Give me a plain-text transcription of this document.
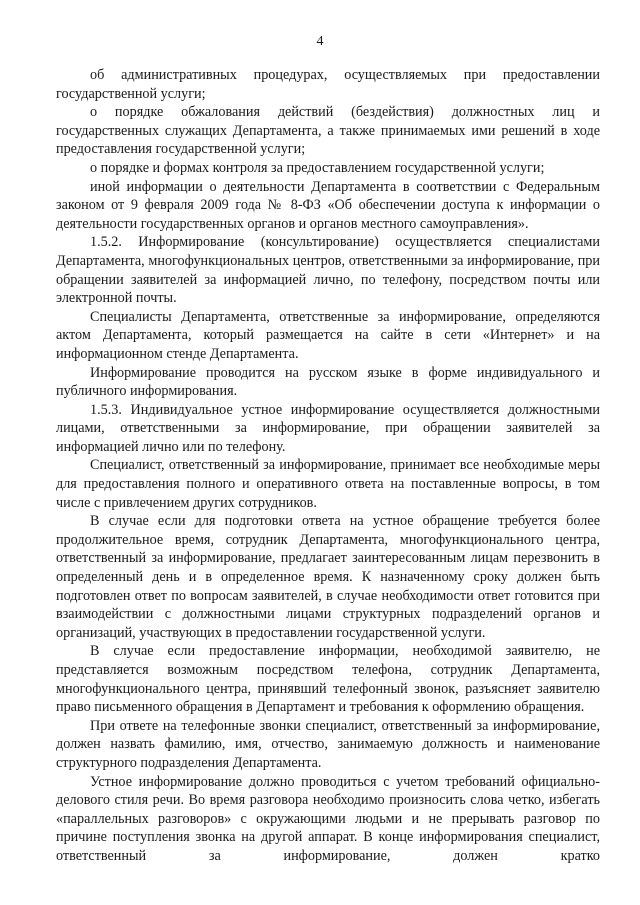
4

об административных процедурах, осуществляемых при предоставлении государственной услуги;

о порядке обжалования действий (бездействия) должностных лиц и государственных служащих Департамента, а также принимаемых ими решений в ходе предоставления государственной услуги;

о порядке и формах контроля за предоставлением государственной услуги;

иной информации о деятельности Департамента в соответствии с Федеральным законом от 9 февраля 2009 года № 8-ФЗ «Об обеспечении доступа к информации о деятельности государственных органов и органов местного самоуправления».

1.5.2. Информирование (консультирование) осуществляется специалистами Департамента, многофункциональных центров, ответственными за информирование, при обращении заявителей за информацией лично, по телефону, посредством почты или электронной почты.

Специалисты Департамента, ответственные за информирование, определяются актом Департамента, который размещается на сайте в сети «Интернет» и на информационном стенде Департамента.

Информирование проводится на русском языке в форме индивидуального и публичного информирования.

1.5.3. Индивидуальное устное информирование осуществляется должностными лицами, ответственными за информирование, при обращении заявителей за информацией лично или по телефону.

Специалист, ответственный за информирование, принимает все необходимые меры для предоставления полного и оперативного ответа на поставленные вопросы, в том числе с привлечением других сотрудников.

В случае если для подготовки ответа на устное обращение требуется более продолжительное время, сотрудник Департамента, многофункционального центра, ответственный за информирование, предлагает заинтересованным лицам перезвонить в определенный день и в определенное время. К назначенному сроку должен быть подготовлен ответ по вопросам заявителей, в случае необходимости ответ готовится при взаимодействии с должностными лицами структурных подразделений органов и организаций, участвующих в предоставлении государственной услуги.

В случае если предоставление информации, необходимой заявителю, не представляется возможным посредством телефона, сотрудник Департамента, многофункционального центра, принявший телефонный звонок, разъясняет заявителю право письменного обращения в Департамент и требования к оформлению обращения.

При ответе на телефонные звонки специалист, ответственный за информирование, должен назвать фамилию, имя, отчество, занимаемую должность и наименование структурного подразделения Департамента.

Устное информирование должно проводиться с учетом требований официально-делового стиля речи. Во время разговора необходимо произносить слова четко, избегать «параллельных разговоров» с окружающими людьми и не прерывать разговор по причине поступления звонка на другой аппарат. В конце информирования специалист, ответственный за информирование, должен кратко
